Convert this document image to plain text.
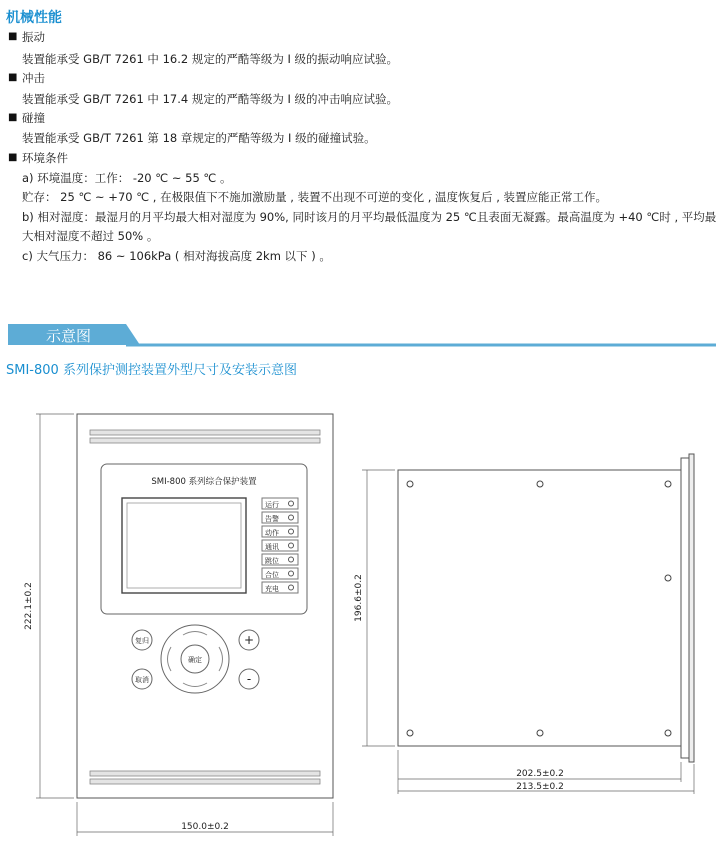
机械性能
■ 振动
装置能承受 GB/T 7261 中 16.2 规定的严酷等级为 I 级的振动响应试验。
■ 冲击
装置能承受 GB/T 7261 中 17.4 规定的严酷等级为 I 级的冲击响应试验。
■ 碰撞
装置能承受 GB/T 7261 第 18 章规定的严酷等级为 I 级的碰撞试验。
■ 环境条件
a) 环境温度：工作： -20 ℃ ~ 55 ℃ 。
贮存： 25 ℃ ~ +70 ℃ , 在极限值下不施加激励量 , 装置不出现不可逆的变化 , 温度恢复后 , 装置应能正常工作。
b) 相对湿度：最湿月的月平均最大相对湿度为 90%, 同时该月的月平均最低温度为 25 ℃且表面无凝露。最高温度为 +40 ℃时 , 平均最
大相对湿度不超过 50% 。
c) 大气压力： 86 ~ 106kPa ( 相对海拔高度 2km 以下 ) 。
示意图
SMI-800 系列保护测控装置外型尺寸及安装示意图
运行
告警
动作
通讯
跳位
合位
充电
SMI-800 系列综合保护装置
复归
取消
确定
+
-
222.1±0.2
150.0±0.2
196.6±0.2
202.5±0.2
213.5±0.2
